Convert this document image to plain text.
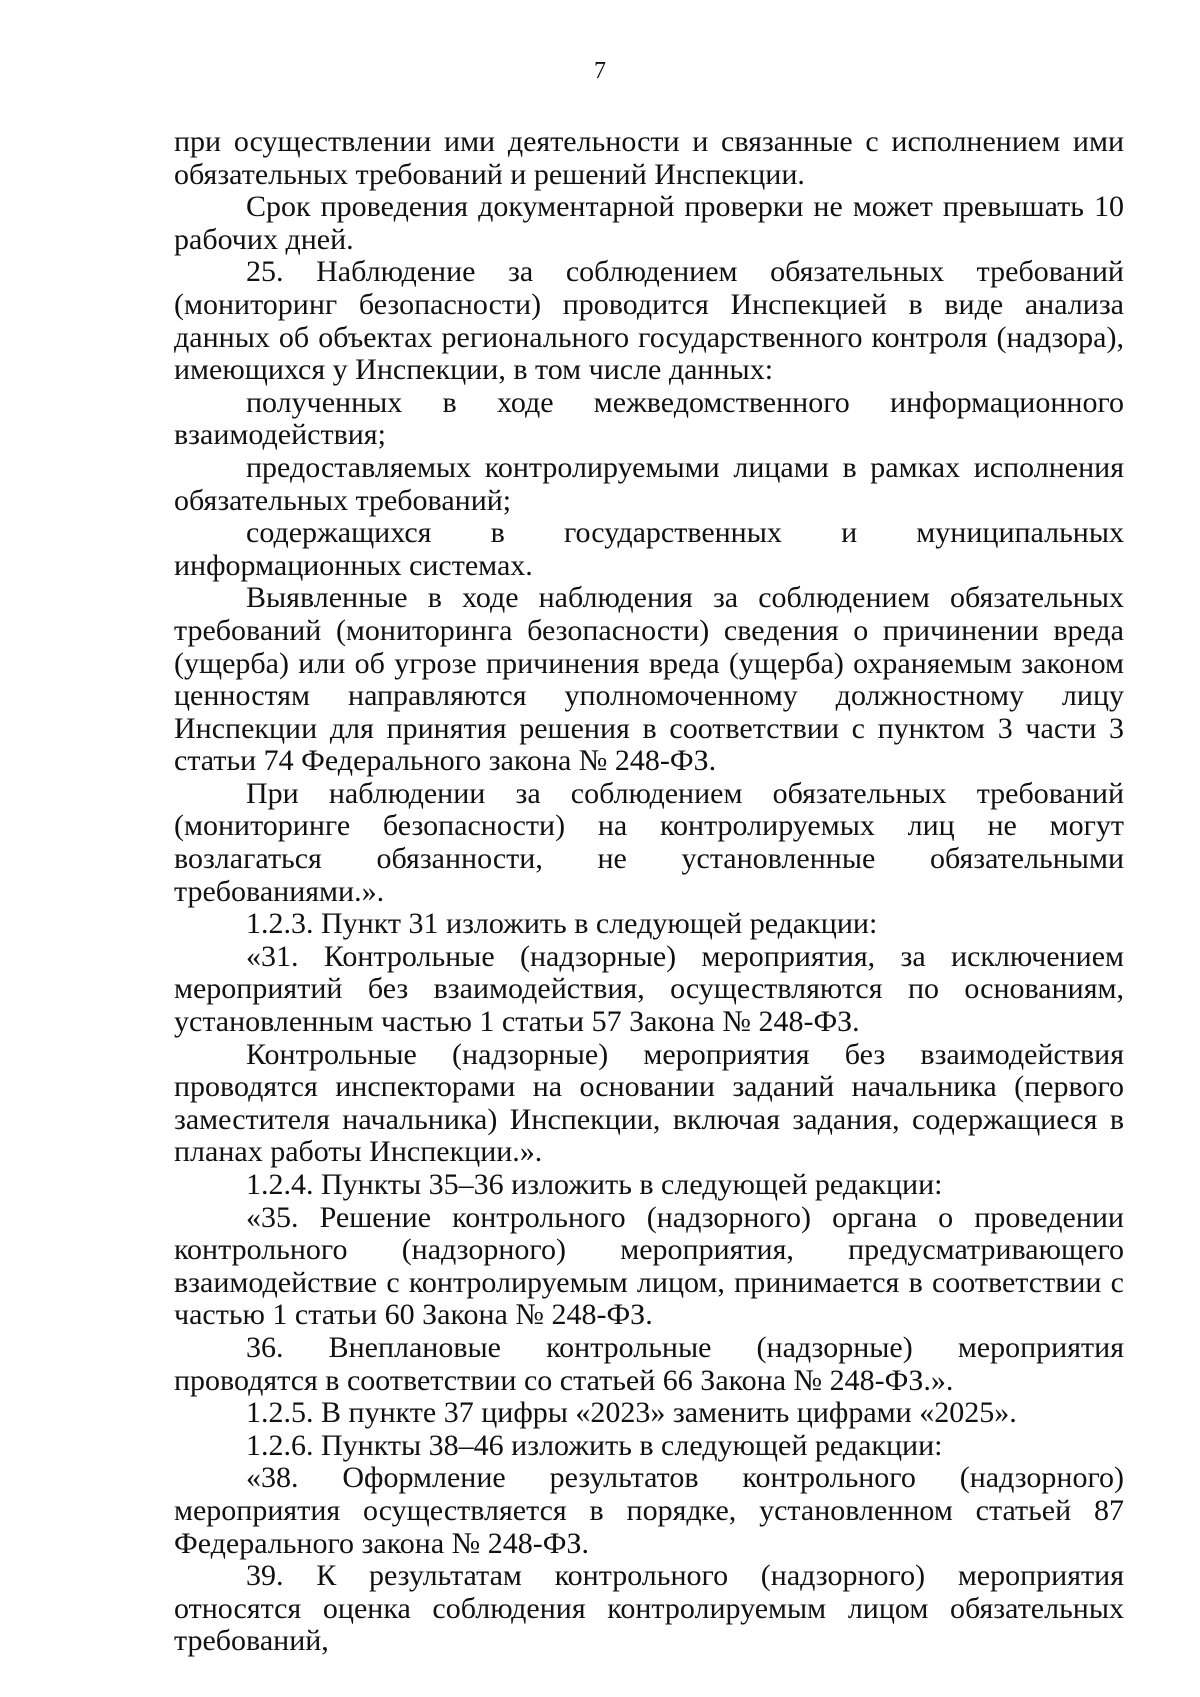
7

при осуществлении ими деятельности и связанные с исполнением ими обязательных требований и решений Инспекции.

Срок проведения документарной проверки не может превышать 10 рабочих дней.

25. Наблюдение за соблюдением обязательных требований (мониторинг безопасности) проводится Инспекцией в виде анализа данных об объектах регионального государственного контроля (надзора), имеющихся у Инспекции, в том числе данных:

полученных в ходе межведомственного информационного взаимодействия;

предоставляемых контролируемыми лицами в рамках исполнения обязательных требований;

содержащихся в государственных и муниципальных информационных системах.

Выявленные в ходе наблюдения за соблюдением обязательных требований (мониторинга безопасности) сведения о причинении вреда (ущерба) или об угрозе причинения вреда (ущерба) охраняемым законом ценностям направляются уполномоченному должностному лицу Инспекции для принятия решения в соответствии с пунктом 3 части 3 статьи 74 Федерального закона № 248-ФЗ.

При наблюдении за соблюдением обязательных требований (мониторинге безопасности) на контролируемых лиц не могут возлагаться обязанности, не установленные обязательными требованиями.».

1.2.3. Пункт 31 изложить в следующей редакции:

«31. Контрольные (надзорные) мероприятия, за исключением мероприятий без взаимодействия, осуществляются по основаниям, установленным частью 1 статьи 57 Закона № 248-ФЗ.

Контрольные (надзорные) мероприятия без взаимодействия проводятся инспекторами на основании заданий начальника (первого заместителя начальника) Инспекции, включая задания, содержащиеся в планах работы Инспекции.».

1.2.4. Пункты 35–36 изложить в следующей редакции:

«35. Решение контрольного (надзорного) органа о проведении контрольного (надзорного) мероприятия, предусматривающего взаимодействие с контролируемым лицом, принимается в соответствии с частью 1 статьи 60 Закона № 248-ФЗ.

36. Внеплановые контрольные (надзорные) мероприятия проводятся в соответствии со статьей 66 Закона № 248-ФЗ.».

1.2.5. В пункте 37 цифры «2023» заменить цифрами «2025».

1.2.6. Пункты 38–46 изложить в следующей редакции:

«38. Оформление результатов контрольного (надзорного) мероприятия осуществляется в порядке, установленном статьей 87 Федерального закона № 248-ФЗ.

39. К результатам контрольного (надзорного) мероприятия относятся оценка соблюдения контролируемым лицом обязательных требований,
